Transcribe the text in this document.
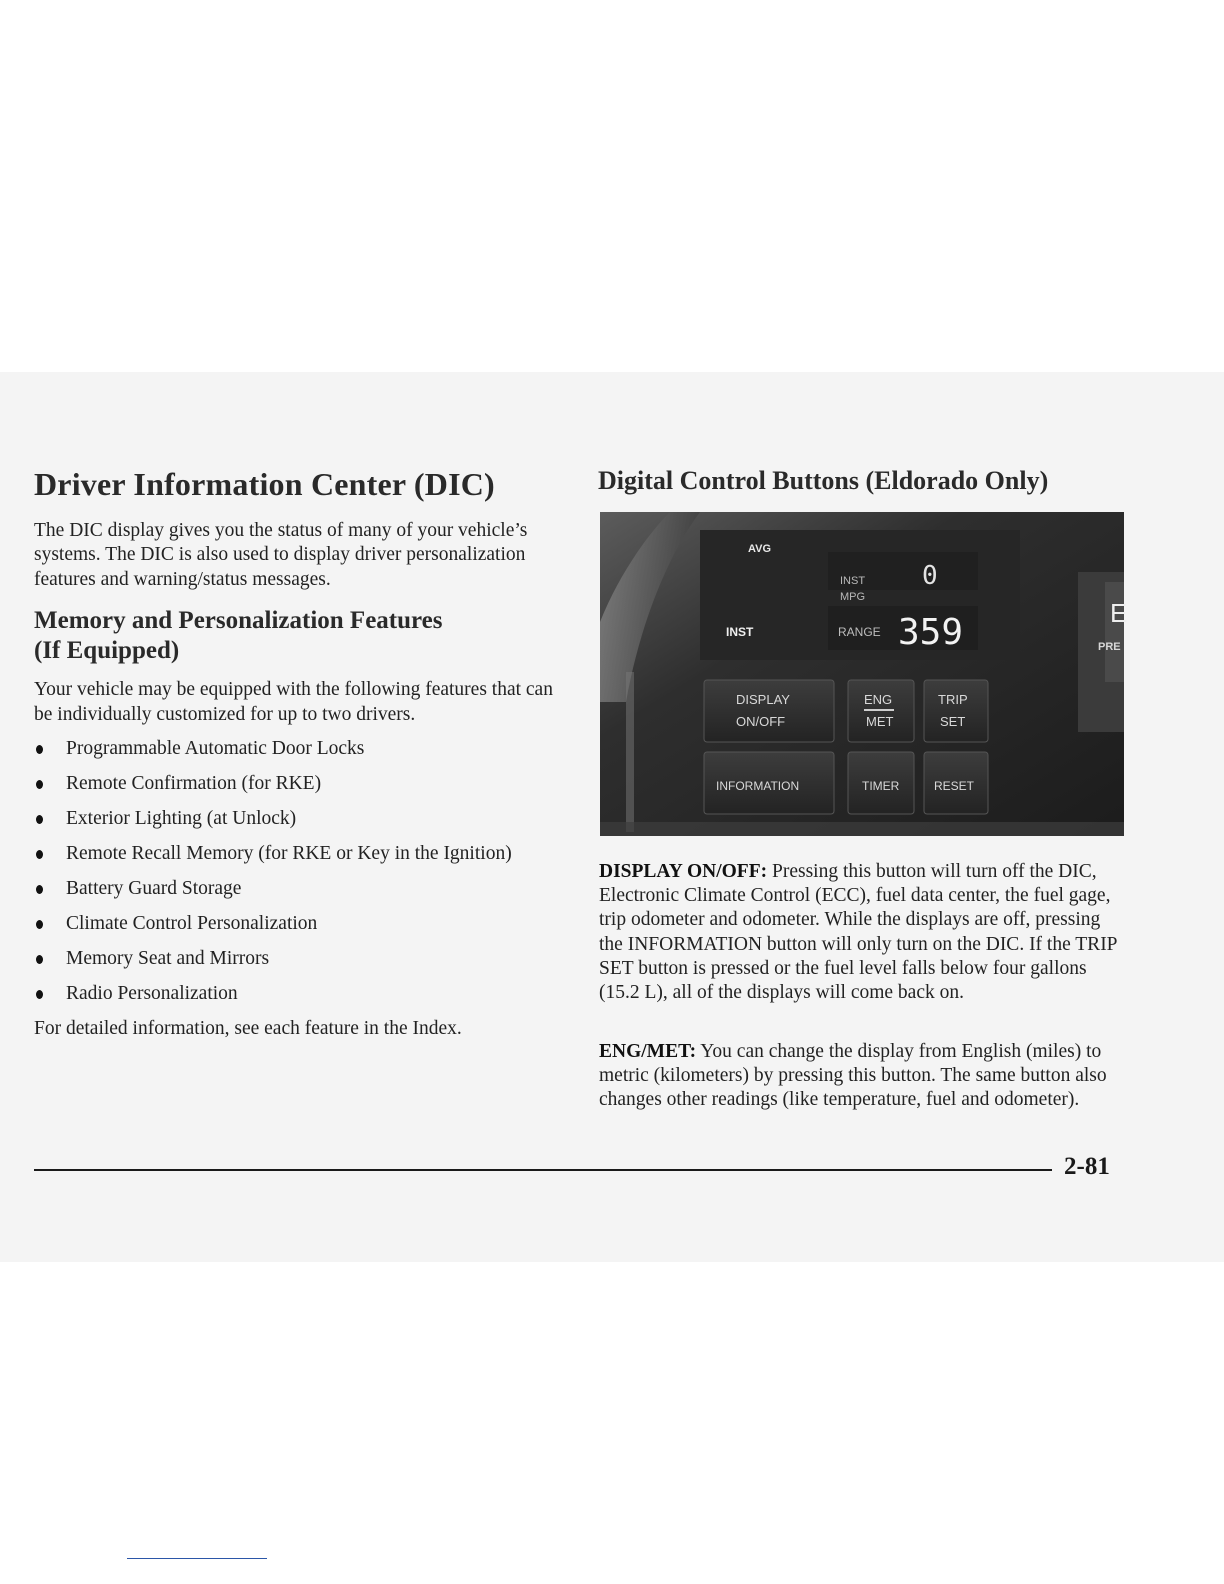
Driver Information Center (DIC)

The DIC display gives you the status of many of your vehicle’s systems. The DIC is also used to display driver personalization features and warning/status messages.

Memory and Personalization Features
(If Equipped)

Your vehicle may be equipped with the following features that can be individually customized for up to two drivers.

Programmable Automatic Door Locks
Remote Confirmation (for RKE)
Exterior Lighting (at Unlock)
Remote Recall Memory (for RKE or Key in the Ignition)
Battery Guard Storage
Climate Control Personalization
Memory Seat and Mirrors
Radio Personalization

For detailed information, see each feature in the Index.

Digital Control Buttons (Eldorado Only)
AVG
INST
MPG
0
INST	RANGE 359	E
PRE
DISPLAY
ON/OFF
ENG
MET
TRIP
SET
INFORMATION	TIMER	RESET

DISPLAY ON/OFF: Pressing this button will turn off the DIC, Electronic Climate Control (ECC), fuel data center, the fuel gage, trip odometer and odometer. While the displays are off, pressing the INFORMATION button will only turn on the DIC. If the TRIP SET button is pressed or the fuel level falls below four gallons (15.2 L), all of the displays will come back on.

ENG/MET: You can change the display from English (miles) to metric (kilometers) by pressing this button. The same button also changes other readings (like temperature, fuel and odometer).

2-81
